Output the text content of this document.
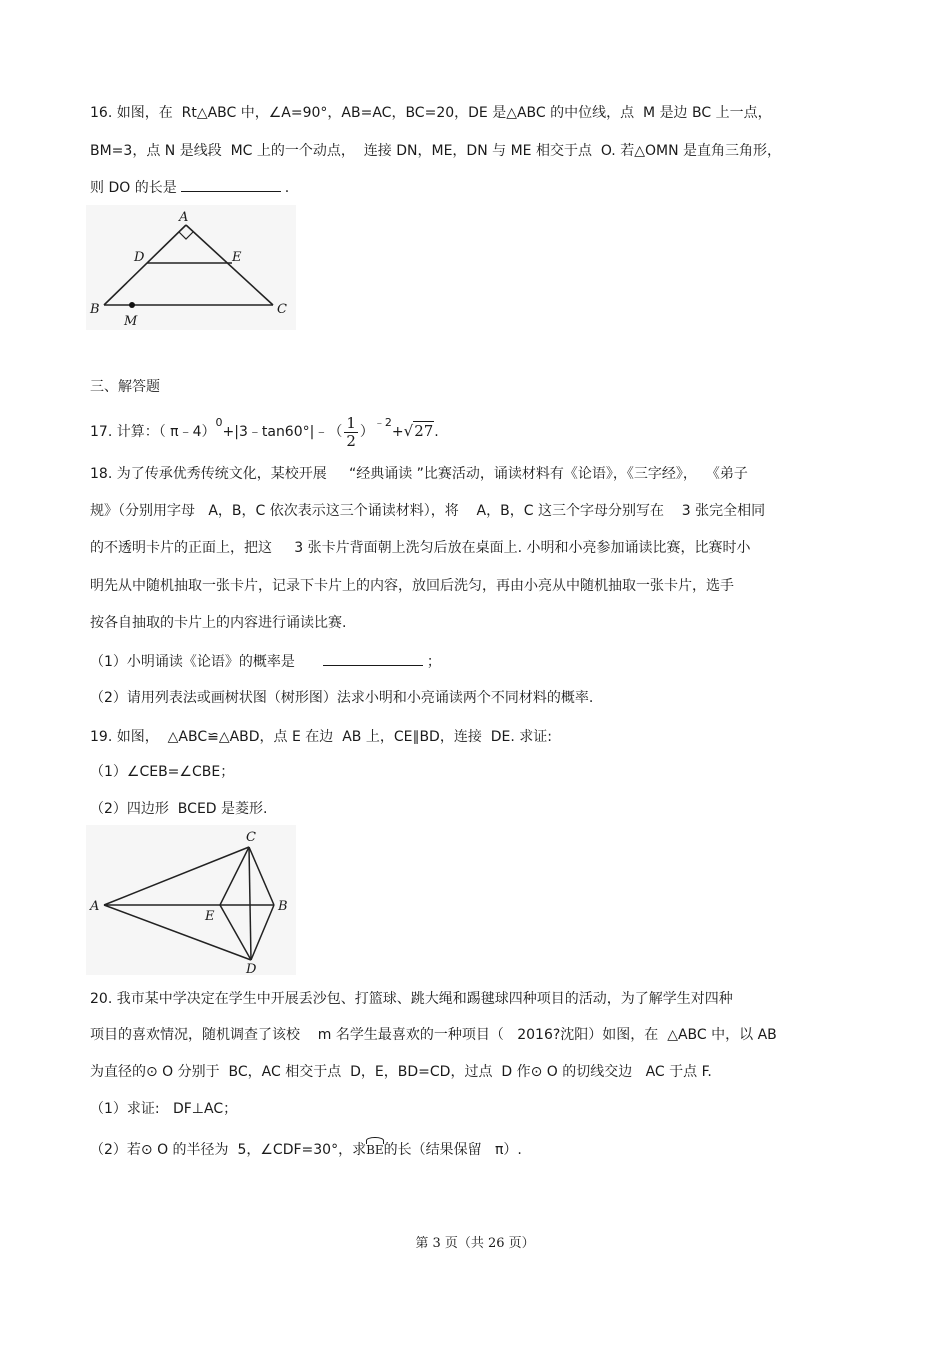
16. 如图，在  Rt△ABC 中，∠A=90°，AB=AC，BC=20，DE 是△ABC 的中位线，点  M 是边 BC 上一点，
BM=3，点 N 是线段  MC 上的一个动点，  连接 DN，ME，DN 与 ME 相交于点  O. 若△OMN 是直角三角形，
则 DO 的长是	.
A
D	E
B	C
M
三、解答题
17. 计算：（ π﹣4）$^0$+|3﹣tan60°|﹣（ $\frac{1}{2} )^{﹣2}+√27$.
18. 为了传承优秀传统文化，某校开展     “经典诵读 ”比赛活动，诵读材料有《论语》，《三字经》，  《弟子
规》（分别用字母   A，B，C 依次表示这三个诵读材料），将    A，B，C 这三个字母分别写在    3 张完全相同
的不透明卡片的正面上，把这     3 张卡片背面朝上洗匀后放在桌面上. 小明和小亮参加诵读比赛，比赛时小
明先从中随机抽取一张卡片，记录下卡片上的内容，放回后洗匀，再由小亮从中随机抽取一张卡片，选手
按各自抽取的卡片上的内容进行诵读比赛.
（1）小明诵读《论语》的概率是	；
（2）请用列表法或画树状图（树形图）法求小明和小亮诵读两个不同材料的概率.
19. 如图，  △ABC≌△ABD，点 E 在边  AB 上，CE∥BD，连接  DE. 求证:
（1）∠CEB=∠CBE；
（2）四边形  BCED 是菱形.
A
C
E
B
D
20. 我市某中学决定在学生中开展丢沙包、打篮球、跳大绳和踢毽球四种项目的活动，为了解学生对四种
项目的喜欢情况，随机调查了该校    m 名学生最喜欢的一种项目（   2016?沈阳）如图，在  △ABC 中，以 AB
为直径的⊙ O 分别于  BC，AC 相交于点  D，E，BD=CD，过点  D 作⊙ O 的切线交边   AC 于点 F.
（1）求证:   DF⊥AC；
（2）若⊙ O 的半径为  5，∠CDF=30°，求BE的长（结果保留   π）.
第 3 页（共 26 页）
